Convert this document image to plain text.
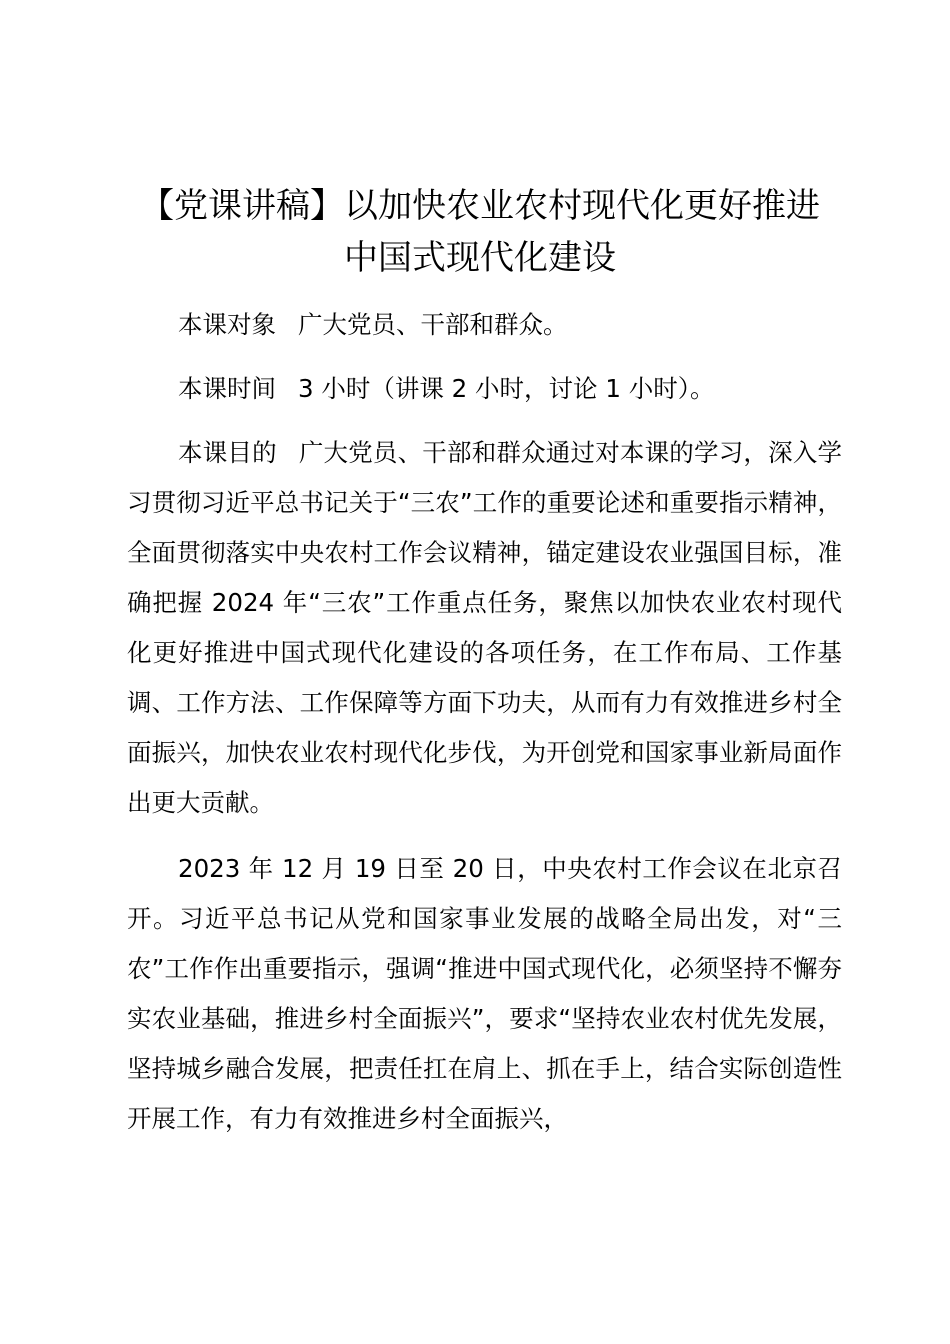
【党课讲稿】以加快农业农村现代化更好推进
中国式现代化建设

本课对象 广大党员、干部和群众。

本课时间 3 小时（讲课 2 小时，讨论 1 小时）。

本课目的 广大党员、干部和群众通过对本课的学习，深入学习贯彻习近平总书记关于“三农”工作的重要论述和重要指示精神，全面贯彻落实中央农村工作会议精神，锚定建设农业强国目标，准确把握 2024 年“三农”工作重点任务，聚焦以加快农业农村现代化更好推进中国式现代化建设的各项任务，在工作布局、工作基调、工作方法、工作保障等方面下功夫，从而有力有效推进乡村全面振兴，加快农业农村现代化步伐，为开创党和国家事业新局面作出更大贡献。

2023 年 12 月 19 日至 20 日，中央农村工作会议在北京召开。习近平总书记从党和国家事业发展的战略全局出发，对“三农”工作作出重要指示，强调“推进中国式现代化，必须坚持不懈夯实农业基础，推进乡村全面振兴”，要求“坚持农业农村优先发展，坚持城乡融合发展，把责任扛在肩上、抓在手上，结合实际创造性开展工作，有力有效推进乡村全面振兴，
